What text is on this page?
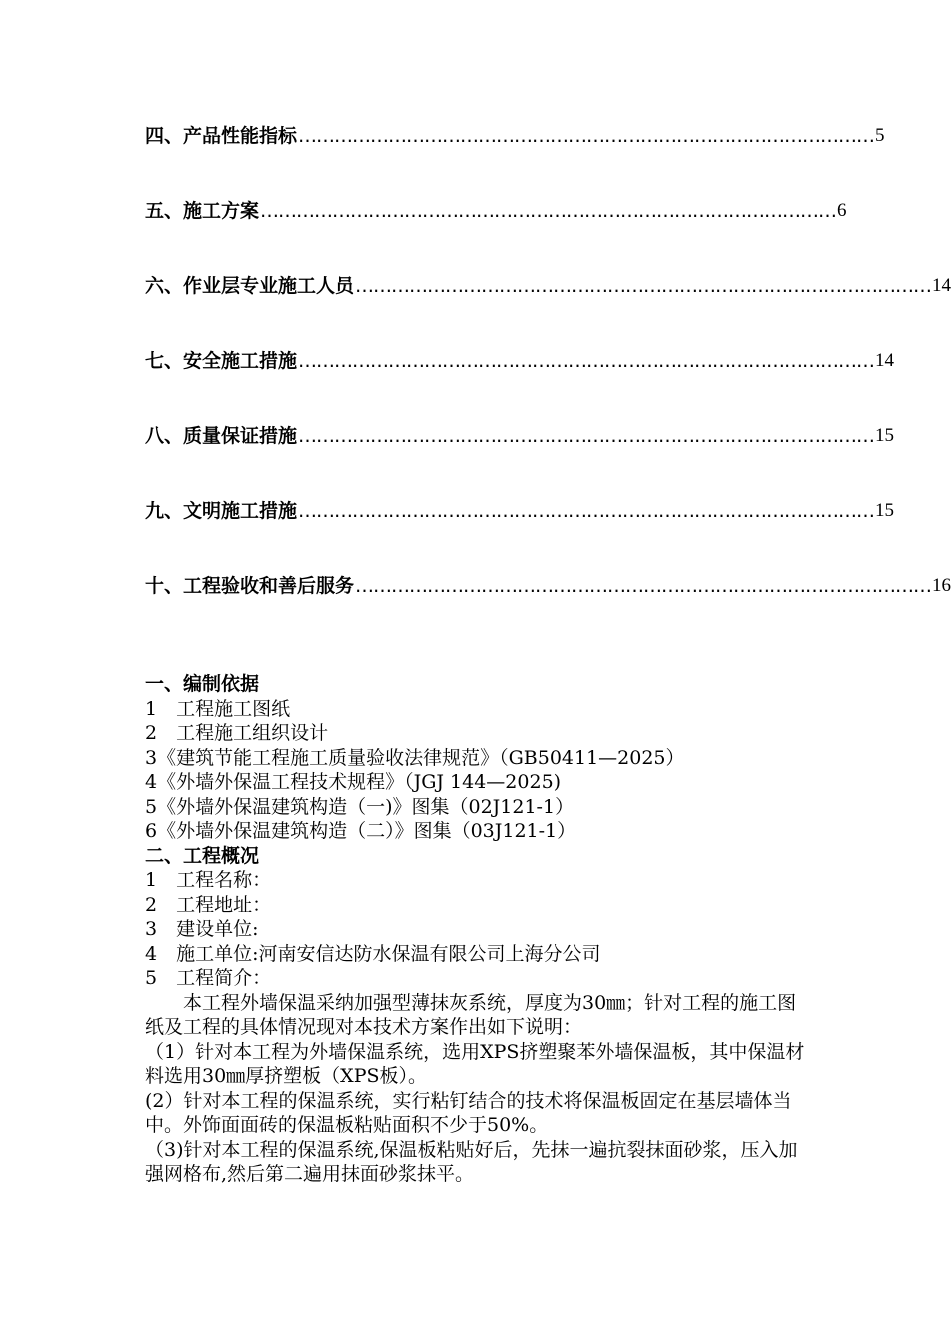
四、产品性能指标 …………………………………………………………………………………… 5
五、施工方案 …………………………………………………………………………………… 6
六、作业层专业施工人员 …………………………………………………………………………………… 14
七、安全施工措施 …………………………………………………………………………………… 14
八、质量保证措施 …………………………………………………………………………………… 15
九、文明施工措施 …………………………………………………………………………………… 15
十、工程验收和善后服务 …………………………………………………………………………………… 16
一、编制依据
1　工程施工图纸
2　工程施工组织设计
3《建筑节能工程施工质量验收法律规范》（GB50411—2025）
4《外墙外保温工程技术规程》（JGJ 144—2025)
5《外墙外保温建筑构造（一)》图集（02J121-1）
6《外墙外保温建筑构造（二）》图集（03J121-1）
二、工程概况
1　工程名称：
2　工程地址：
3　建设单位:
4　施工单位:河南安信达防水保温有限公司上海分公司
5　工程简介：
本工程外墙保温采纳加强型薄抹灰系统，厚度为30㎜；针对工程的施工图纸及工程的具体情况现对本技术方案作出如下说明：
（1）针对本工程为外墙保温系统，选用XPS挤塑聚苯外墙保温板，其中保温材料选用30㎜厚挤塑板（XPS板）。
(2）针对本工程的保温系统，实行粘钉结合的技术将保温板固定在基层墙体当中。外饰面面砖的保温板粘贴面积不少于50%。
（3)针对本工程的保温系统,保温板粘贴好后，先抹一遍抗裂抹面砂浆，压入加强网格布,然后第二遍用抹面砂浆抹平。
